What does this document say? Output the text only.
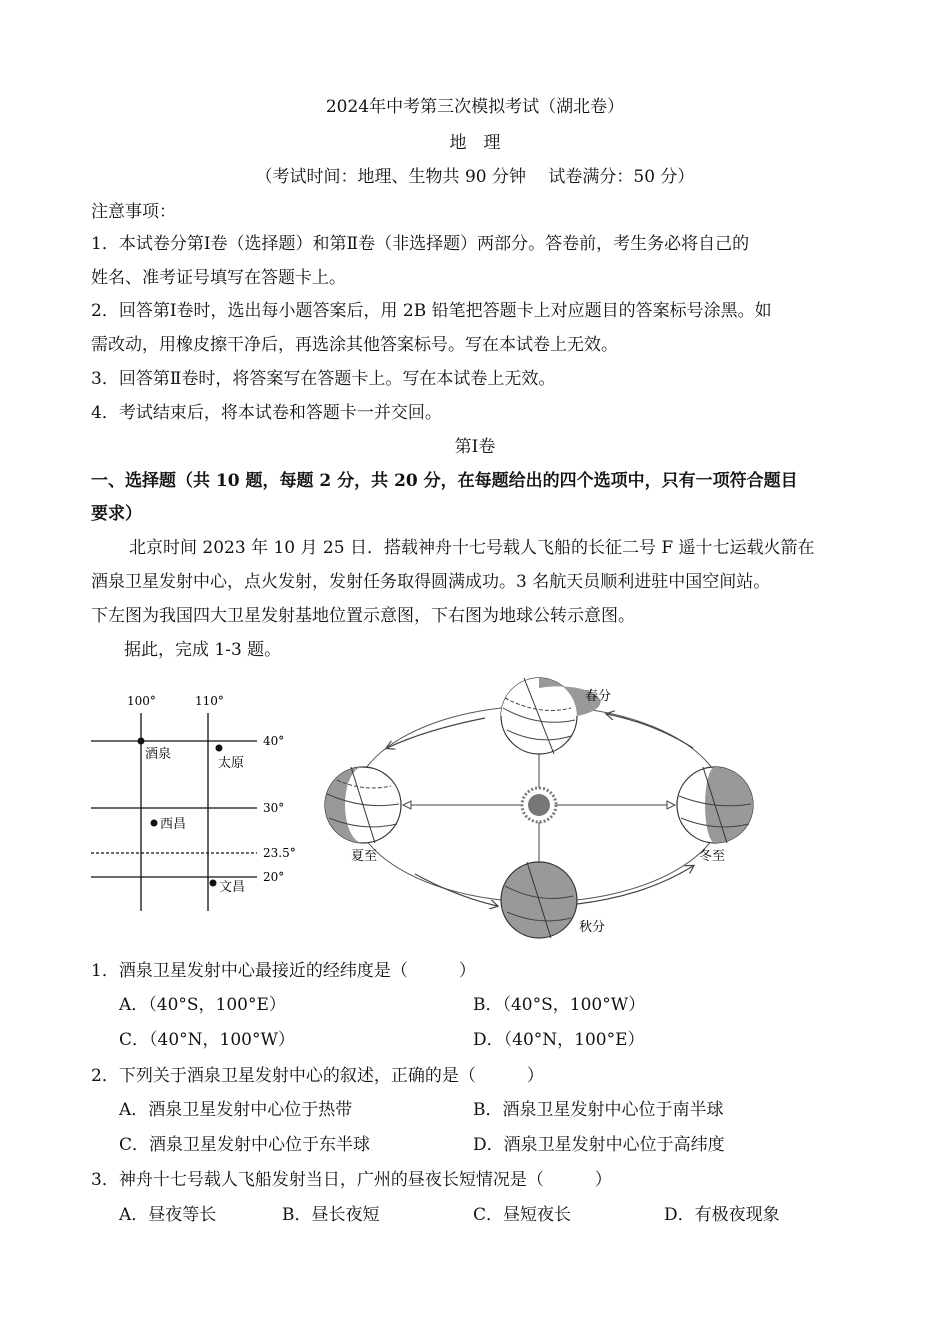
2024年中考第三次模拟考试（湖北卷）
地　理
（考试时间：地理、生物共 90 分钟　 试卷满分：50 分）
注意事项：
1．本试卷分第Ⅰ卷（选择题）和第Ⅱ卷（非选择题）两部分。答卷前，考生务必将自己的
姓名、准考证号填写在答题卡上。
2．回答第Ⅰ卷时，选出每小题答案后，用 2B 铅笔把答题卡上对应题目的答案标号涂黑。如
需改动，用橡皮擦干净后，再选涂其他答案标号。写在本试卷上无效。
3．回答第Ⅱ卷时，将答案写在答题卡上。写在本试卷上无效。
4．考试结束后，将本试卷和答题卡一并交回。
第Ⅰ卷
一、选择题（共 10 题，每题 2 分，共 20 分，在每题给出的四个选项中，只有一项符合题目
要求）
北京时间 2023 年 10 月 25 日．搭载神舟十七号载人飞船的长征二号 F 遥十七运载火箭在
酒泉卫星发射中心，点火发射，发射任务取得圆满成功。3 名航天员顺利进驻中国空间站。
下左图为我国四大卫星发射基地位置示意图，下右图为地球公转示意图。
据此，完成 1-3 题。
100°	110°
40°
30°
23.5°
20°
酒泉
太原
西昌
文昌
春分
夏至
秋分
冬至
1．酒泉卫星发射中心最接近的经纬度是（　　　）
A．（40°S，100°E）	B．（40°S，100°W）
C．（40°N，100°W）	D．（40°N，100°E）
2．下列关于酒泉卫星发射中心的叙述，正确的是（　　　）
A．酒泉卫星发射中心位于热带	B．酒泉卫星发射中心位于南半球
C．酒泉卫星发射中心位于东半球	D．酒泉卫星发射中心位于高纬度
3．神舟十七号载人飞船发射当日，广州的昼夜长短情况是（　　　）
A．昼夜等长	B．昼长夜短	C．昼短夜长	D．有极夜现象
